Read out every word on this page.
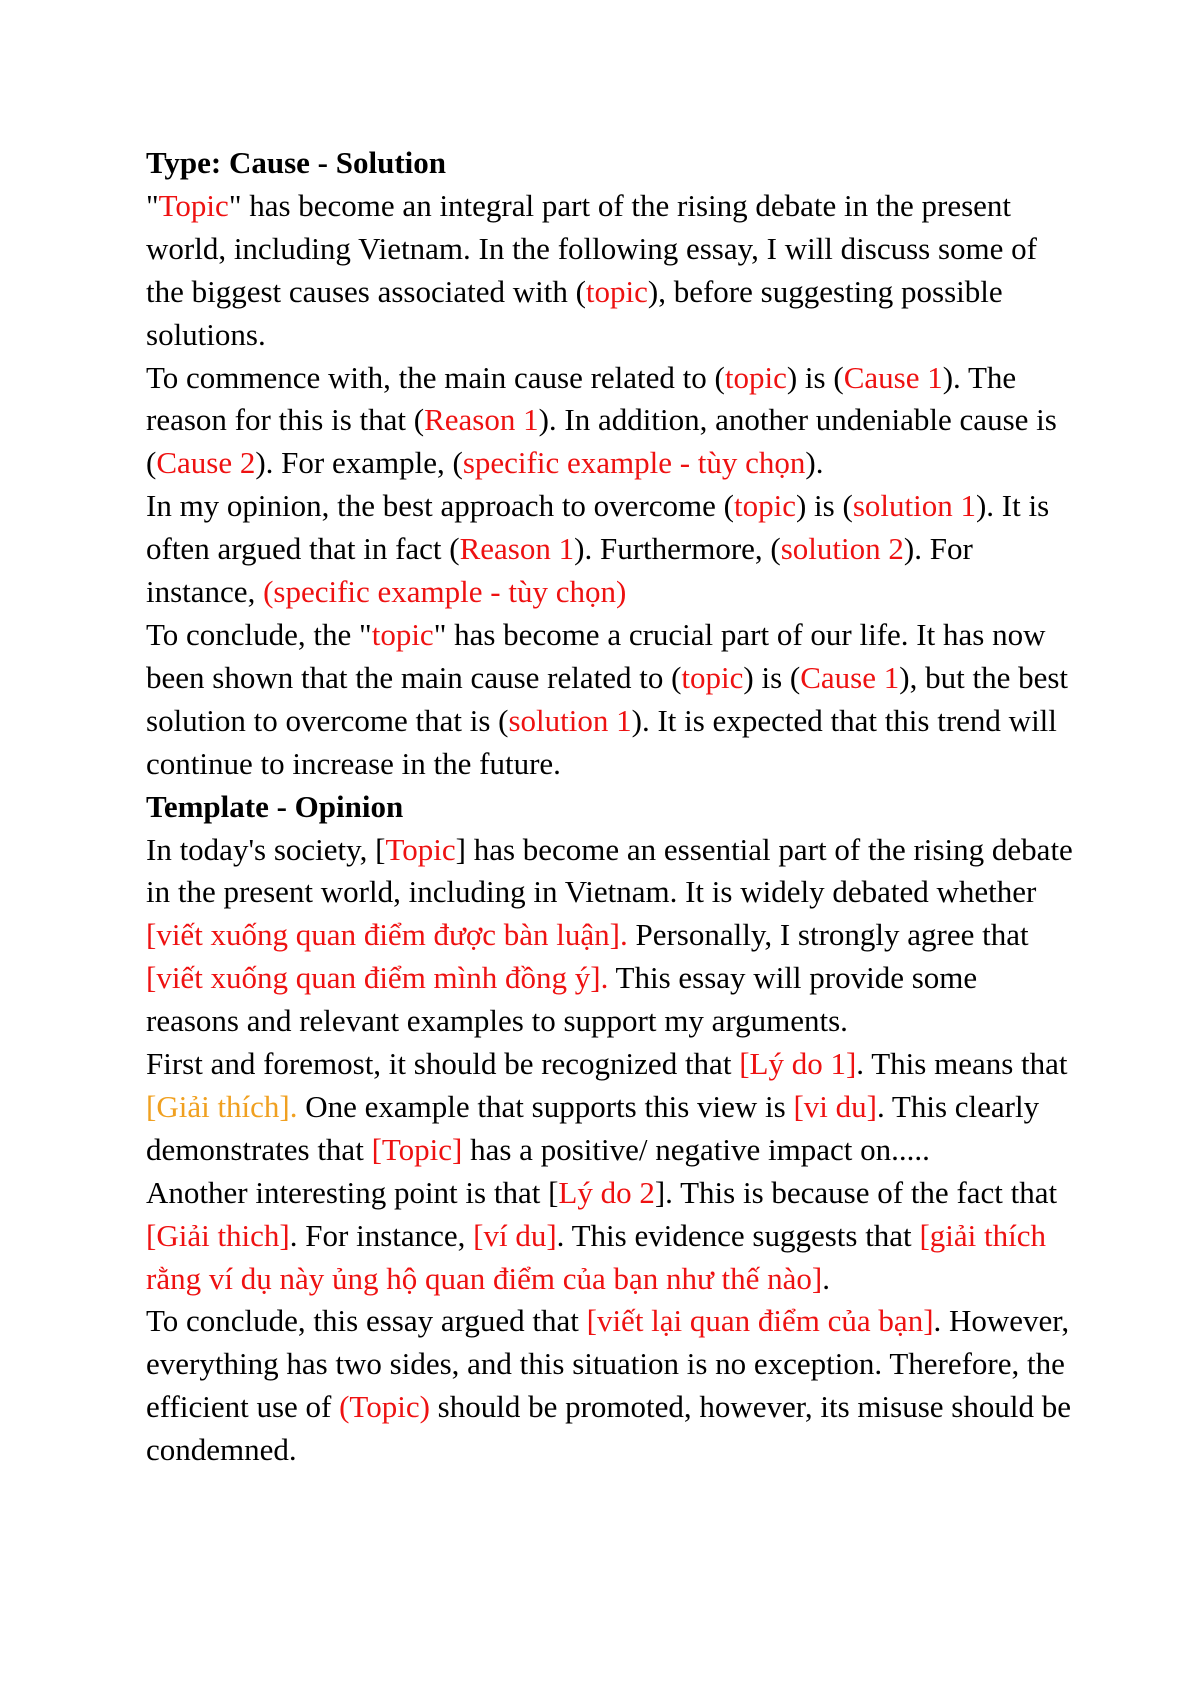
Type: Cause - Solution

"Topic" has become an integral part of the rising debate in the present world, including Vietnam. In the following essay, I will discuss some of the biggest causes associated with (topic), before suggesting possible solutions.

To commence with, the main cause related to (topic) is (Cause 1). The reason for this is that (Reason 1). In addition, another undeniable cause is (Cause 2). For example, (specific example - tùy chọn).

In my opinion, the best approach to overcome (topic) is (solution 1). It is often argued that in fact (Reason 1). Furthermore, (solution 2). For instance, (specific example - tùy chọn)

To conclude, the "topic" has become a crucial part of our life. It has now been shown that the main cause related to (topic) is (Cause 1), but the best solution to overcome that is (solution 1). It is expected that this trend will continue to increase in the future.

Template - Opinion

In today's society, [Topic] has become an essential part of the rising debate in the present world, including in Vietnam. It is widely debated whether [viết xuống quan điểm được bàn luận]. Personally, I strongly agree that [viết xuống quan điểm mình đồng ý]. This essay will provide some reasons and relevant examples to support my arguments.

First and foremost, it should be recognized that [Lý do 1]. This means that [Giải thích]. One example that supports this view is [vi du]. This clearly demonstrates that [Topic] has a positive/ negative impact on.....

Another interesting point is that [Lý do 2]. This is because of the fact that [Giải thich]. For instance, [ví du]. This evidence suggests that [giải thích rằng ví dụ này ủng hộ quan điểm của bạn như thế nào].

To conclude, this essay argued that [viết lại quan điểm của bạn]. However, everything has two sides, and this situation is no exception. Therefore, the efficient use of (Topic) should be promoted, however, its misuse should be condemned.
